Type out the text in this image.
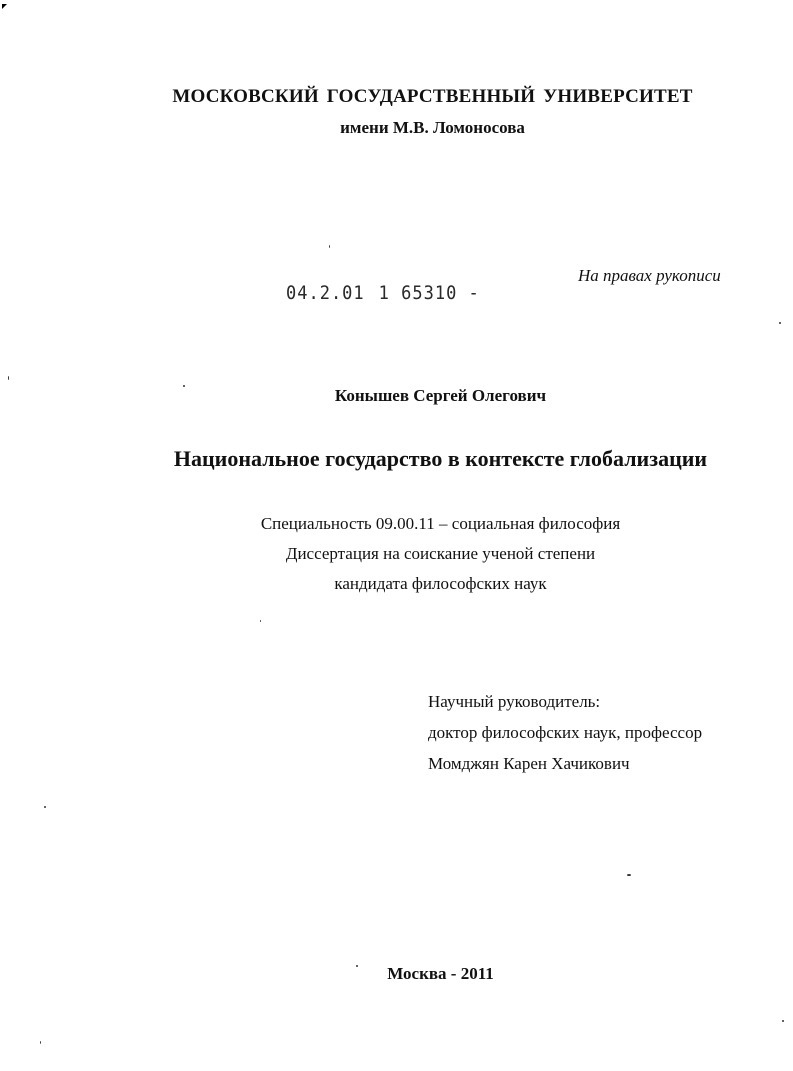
МОСКОВСКИЙ ГОСУДАРСТВЕННЫЙ УНИВЕРСИТЕТ
имени М.В. Ломоносова
На правах рукописи
04.2.01 1 65310 -
Конышев Сергей Олегович
Национальное государство в контексте глобализации
Специальность 09.00.11 – социальная философия
Диссертация на соискание ученой степени
кандидата философских наук
Научный руководитель:
доктор философских наук, профессор
Момджян Карен Хачикович
Москва - 2011
